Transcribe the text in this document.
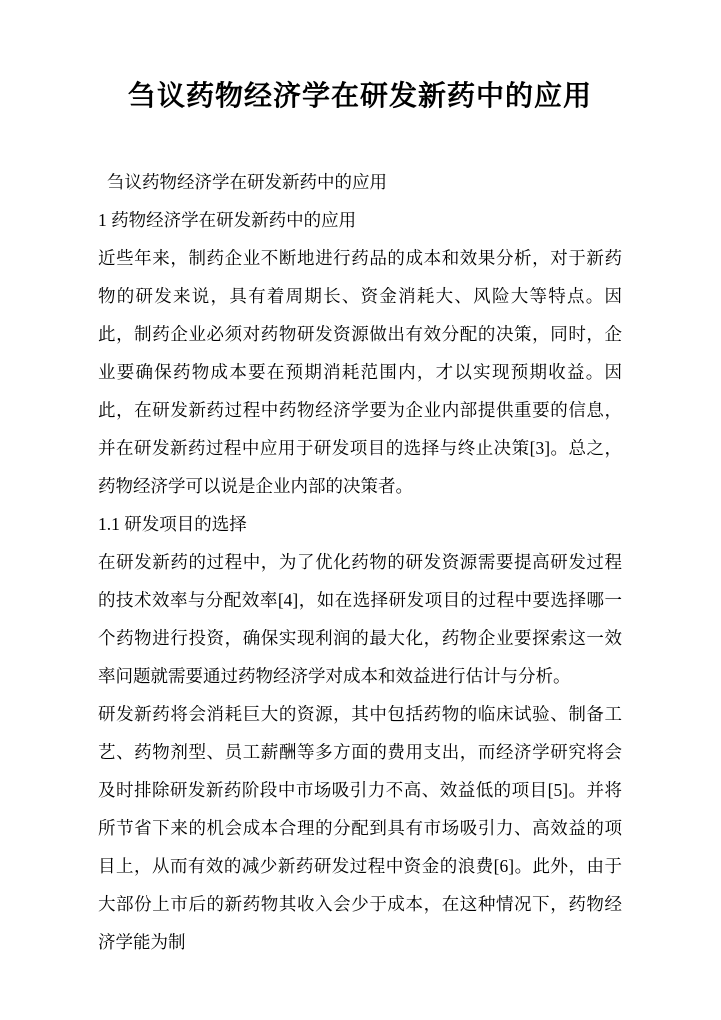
刍议药物经济学在研发新药中的应用

刍议药物经济学在研发新药中的应用

1 药物经济学在研发新药中的应用

近些年来，制药企业不断地进行药品的成本和效果分析，对于新药物的研发来说，具有着周期长、资金消耗大、风险大等特点。因此，制药企业必须对药物研发资源做出有效分配的决策，同时，企业要确保药物成本要在预期消耗范围内，才以实现预期收益。因此，在研发新药过程中药物经济学要为企业内部提供重要的信息，并在研发新药过程中应用于研发项目的选择与终止决策[3]。总之，药物经济学可以说是企业内部的决策者。

1.1 研发项目的选择

在研发新药的过程中，为了优化药物的研发资源需要提高研发过程的技术效率与分配效率[4]，如在选择研发项目的过程中要选择哪一个药物进行投资，确保实现利润的最大化，药物企业要探索这一效率问题就需要通过药物经济学对成本和效益进行估计与分析。

研发新药将会消耗巨大的资源，其中包括药物的临床试验、制备工艺、药物剂型、员工薪酬等多方面的费用支出，而经济学研究将会及时排除研发新药阶段中市场吸引力不高、效益低的项目[5]。并将所节省下来的机会成本合理的分配到具有市场吸引力、高效益的项目上，从而有效的减少新药研发过程中资金的浪费[6]。此外，由于大部份上市后的新药物其收入会少于成本，在这种情况下，药物经济学能为制
